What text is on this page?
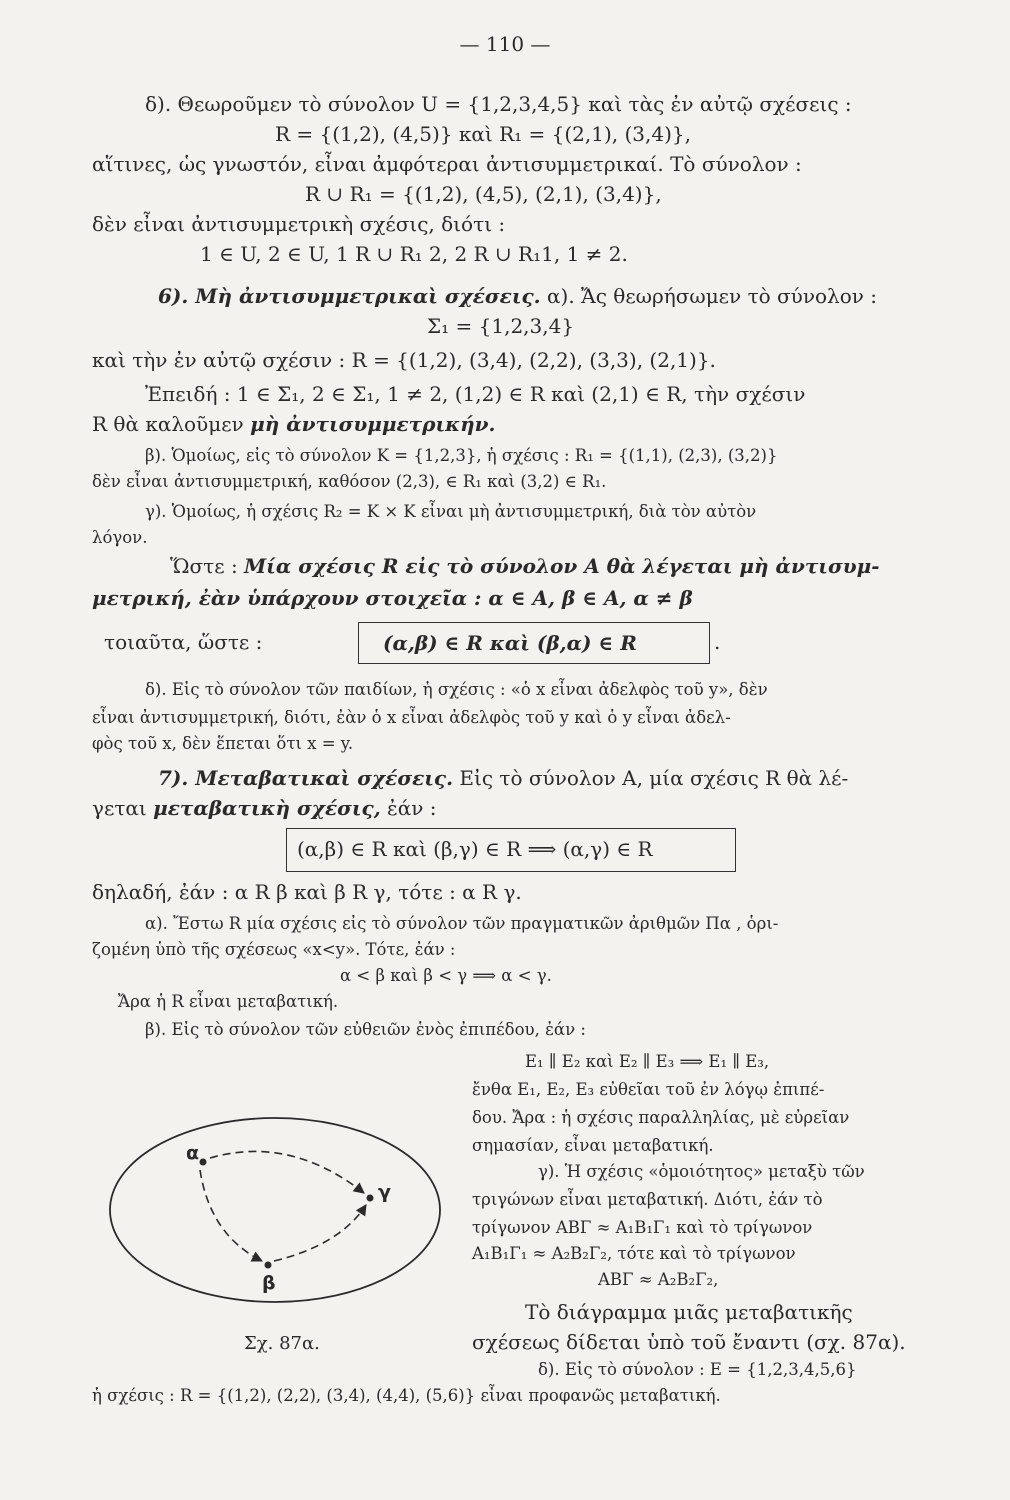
— 110 —
δ). Θεωροῦμεν τὸ σύνολον U = {1,2,3,4,5} καὶ τὰς ἐν αὐτῷ σχέσεις :
R = {(1,2), (4,5)} καὶ R₁ = {(2,1), (3,4)},
αἵτινες, ὡς γνωστόν, εἶναι ἀμφότεραι ἀντισυμμετρικαί. Τὸ σύνολον :
R ∪ R₁ = {(1,2), (4,5), (2,1), (3,4)},
δὲν εἶναι ἀντισυμμετρικὴ σχέσις, διότι :
1 ∈ U, 2 ∈ U, 1 R ∪ R₁ 2, 2 R ∪ R₁1, 1 ≠ 2.
6). Μὴ ἀντισυμμετρικαὶ σχέσεις. α). Ἄς θεωρήσωμεν τὸ σύνολον :
Σ₁ = {1,2,3,4}
καὶ τὴν ἐν αὐτῷ σχέσιν : R = {(1,2), (3,4), (2,2), (3,3), (2,1)}.
Ἐπειδή : 1 ∈ Σ₁, 2 ∈ Σ₁, 1 ≠ 2, (1,2) ∈ R καὶ (2,1) ∈ R, τὴν σχέσιν
R θὰ καλοῦμεν μὴ ἀντισυμμετρικήν.
β). Ὁμοίως, εἰς τὸ σύνολον K = {1,2,3}, ἡ σχέσις : R₁ = {(1,1), (2,3), (3,2)}
δὲν εἶναι ἀντισυμμετρική, καθόσον (2,3), ∈ R₁ καὶ (3,2) ∈ R₁.
γ). Ὁμοίως, ἡ σχέσις R₂ = K × K εἶναι μὴ ἀντισυμμετρική, διὰ τὸν αὐτὸν
λόγον.
Ὥστε : Μία σχέσις R εἰς τὸ σύνολον A θὰ λέγεται μὴ ἀντισυμ-
μετρική, ἐὰν ὑπάρχουν στοιχεῖα : α ∈ A, β ∈ A, α ≠ β
τοιαῦτα, ὥστε :	(α,β) ∈ R καὶ (β,α) ∈ R	.
δ). Εἰς τὸ σύνολον τῶν παιδίων, ἡ σχέσις : «ὁ x εἶναι ἀδελφὸς τοῦ y», δὲν
εἶναι ἀντισυμμετρική, διότι, ἐὰν ὁ x εἶναι ἀδελφὸς τοῦ y καὶ ὁ y εἶναι ἀδελ-
φὸς τοῦ x, δὲν ἕπεται ὅτι x = y.
7). Μεταβατικαὶ σχέσεις. Εἰς τὸ σύνολον A, μία σχέσις R θὰ λέ-
γεται μεταβατικὴ σχέσις, ἐάν :
(α,β) ∈ R καὶ (β,γ) ∈ R ⟹ (α,γ) ∈ R
δηλαδή, ἐάν : α R β καὶ β R γ, τότε : α R γ.
α). Ἔστω R μία σχέσις εἰς τὸ σύνολον τῶν πραγματικῶν ἀριθμῶν Πα , ὁρι-
ζομένη ὑπὸ τῆς σχέσεως «x<y». Τότε, ἐάν :
α < β καὶ β < γ ⟹ α < γ.
Ἄρα ἡ R εἶναι μεταβατική.
β). Εἰς τὸ σύνολον τῶν εὐθειῶν ἑνὸς ἐπιπέδου, ἐάν :
E₁ ∥ E₂ καὶ E₂ ∥ E₃ ⟹ E₁ ∥ E₃,
ἔνθα E₁, E₂, E₃ εὐθεῖαι τοῦ ἐν λόγῳ ἐπιπέ-
δου. Ἄρα : ἡ σχέσις παραλληλίας, μὲ εὐρεῖαν
σημασίαν, εἶναι μεταβατική.
γ). Ἡ σχέσις «ὁμοιότητος» μεταξὺ τῶν
τριγώνων εἶναι μεταβατική. Διότι, ἐάν τὸ
τρίγωνον ΑΒΓ ≈ A₁B₁Γ₁ καὶ τὸ τρίγωνον
A₁B₁Γ₁ ≈ A₂B₂Γ₂, τότε καὶ τὸ τρίγωνον
ΑΒΓ ≈ A₂B₂Γ₂,
Τὸ διάγραμμα μιᾶς μεταβατικῆς
σχέσεως δίδεται ὑπὸ τοῦ ἔναντι (σχ. 87α).
δ). Εἰς τὸ σύνολον : E = {1,2,3,4,5,6}
ἡ σχέσις : R = {(1,2), (2,2), (3,4), (4,4), (5,6)} εἶναι προφανῶς μεταβατική.
α
γ
β
Σχ. 87α.
